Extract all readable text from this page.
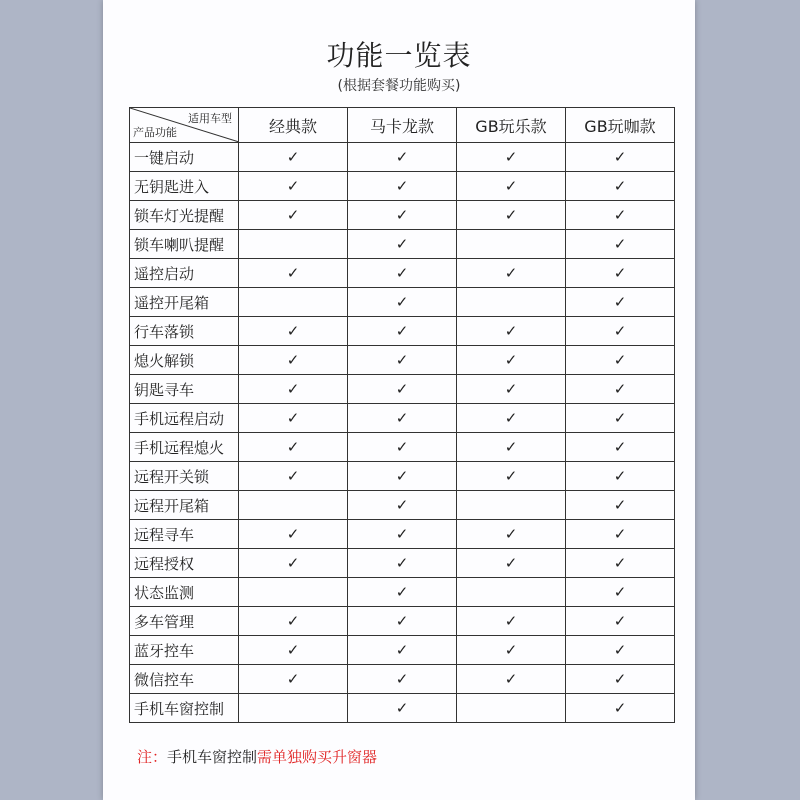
功能一览表
(根据套餐功能购买)
适用车型
产品功能	经典款	马卡龙款	GB玩乐款	GB玩咖款
一键启动	✓	✓	✓	✓
无钥匙进入	✓	✓	✓	✓
锁车灯光提醒	✓	✓	✓	✓
锁车喇叭提醒		✓		✓
遥控启动	✓	✓	✓	✓
遥控开尾箱		✓		✓
行车落锁	✓	✓	✓	✓
熄火解锁	✓	✓	✓	✓
钥匙寻车	✓	✓	✓	✓
手机远程启动	✓	✓	✓	✓
手机远程熄火	✓	✓	✓	✓
远程开关锁	✓	✓	✓	✓
远程开尾箱		✓		✓
远程寻车	✓	✓	✓	✓
远程授权	✓	✓	✓	✓
状态监测		✓		✓
多车管理	✓	✓	✓	✓
蓝牙控车	✓	✓	✓	✓
微信控车	✓	✓	✓	✓
手机车窗控制		✓		✓
注：手机车窗控制需单独购买升窗器
